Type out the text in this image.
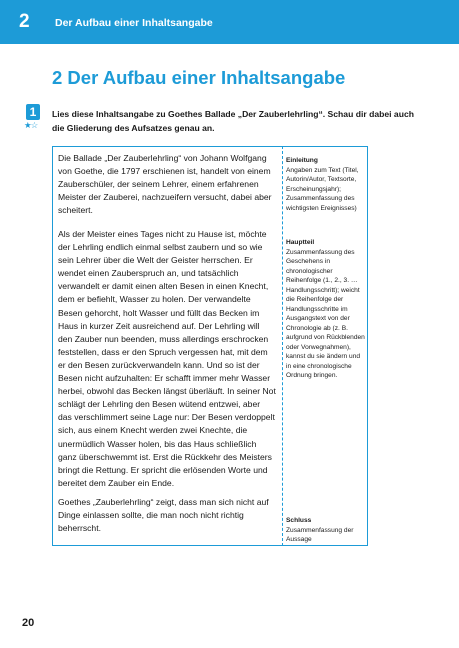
2 Der Aufbau einer Inhaltsangabe
2 Der Aufbau einer Inhaltsangabe
1
★☆
Lies diese Inhaltsangabe zu Goethes Ballade „Der Zauberlehrling“. Schau dir dabei auch die Gliederung des Aufsatzes genau an.
Die Ballade „Der Zauberlehrling“ von Johann Wolfgang von Goethe, die 1797 erschienen ist, handelt von einem Zauberschüler, der seinem Lehrer, einem erfahrenen Meister der Zauberei, nachzueifern versucht, dabei aber scheitert.
Als der Meister eines Tages nicht zu Hause ist, möchte der Lehrling endlich einmal selbst zaubern und so wie sein Lehrer über die Welt der Geister herrschen. Er wendet einen Zauberspruch an, und tatsächlich verwandelt er damit einen alten Besen in einen Knecht, dem er befiehlt, Wasser zu holen. Der verwandelte Besen gehorcht, holt Wasser und füllt das Becken im Haus in kurzer Zeit ausreichend auf. Der Lehrling will den Zauber nun beenden, muss allerdings erschrocken feststellen, dass er den Spruch vergessen hat, mit dem er den Besen zurückverwandeln kann. Und so ist der Besen nicht aufzuhalten: Er schafft immer mehr Wasser herbei, obwohl das Becken längst überläuft. In seiner Not schlägt der Lehrling den Besen wütend entzwei, aber das verschlimmert seine Lage nur: Der Besen verdoppelt sich, aus einem Knecht werden zwei Knechte, die unermüdlich Wasser holen, bis das Haus schließlich ganz überschwemmt ist. Erst die Rückkehr des Meisters bringt die Rettung. Er spricht die erlösenden Worte und bereitet dem Zauber ein Ende.
Goethes „Zauberlehrling“ zeigt, dass man sich nicht auf Dinge einlassen sollte, die man noch nicht richtig beherrscht.
Einleitung
Angaben zum Text (Titel, Autorin/Autor, Textsorte, Erscheinungsjahr); Zusammenfassung des wichtigsten Ereignisses)
Hauptteil
Zusammenfassung des Geschehens in chronologischer Reihenfolge (1., 2., 3. … Handlungsschritt); weicht die Reihenfolge der Handlungsschritte im Ausgangstext von der Chronologie ab (z. B. aufgrund von Rückblenden oder Vorwegnahmen), kannst du sie ändern und in eine chronologische Ordnung bringen.
Schluss
Zusammenfassung der Aussage
20
